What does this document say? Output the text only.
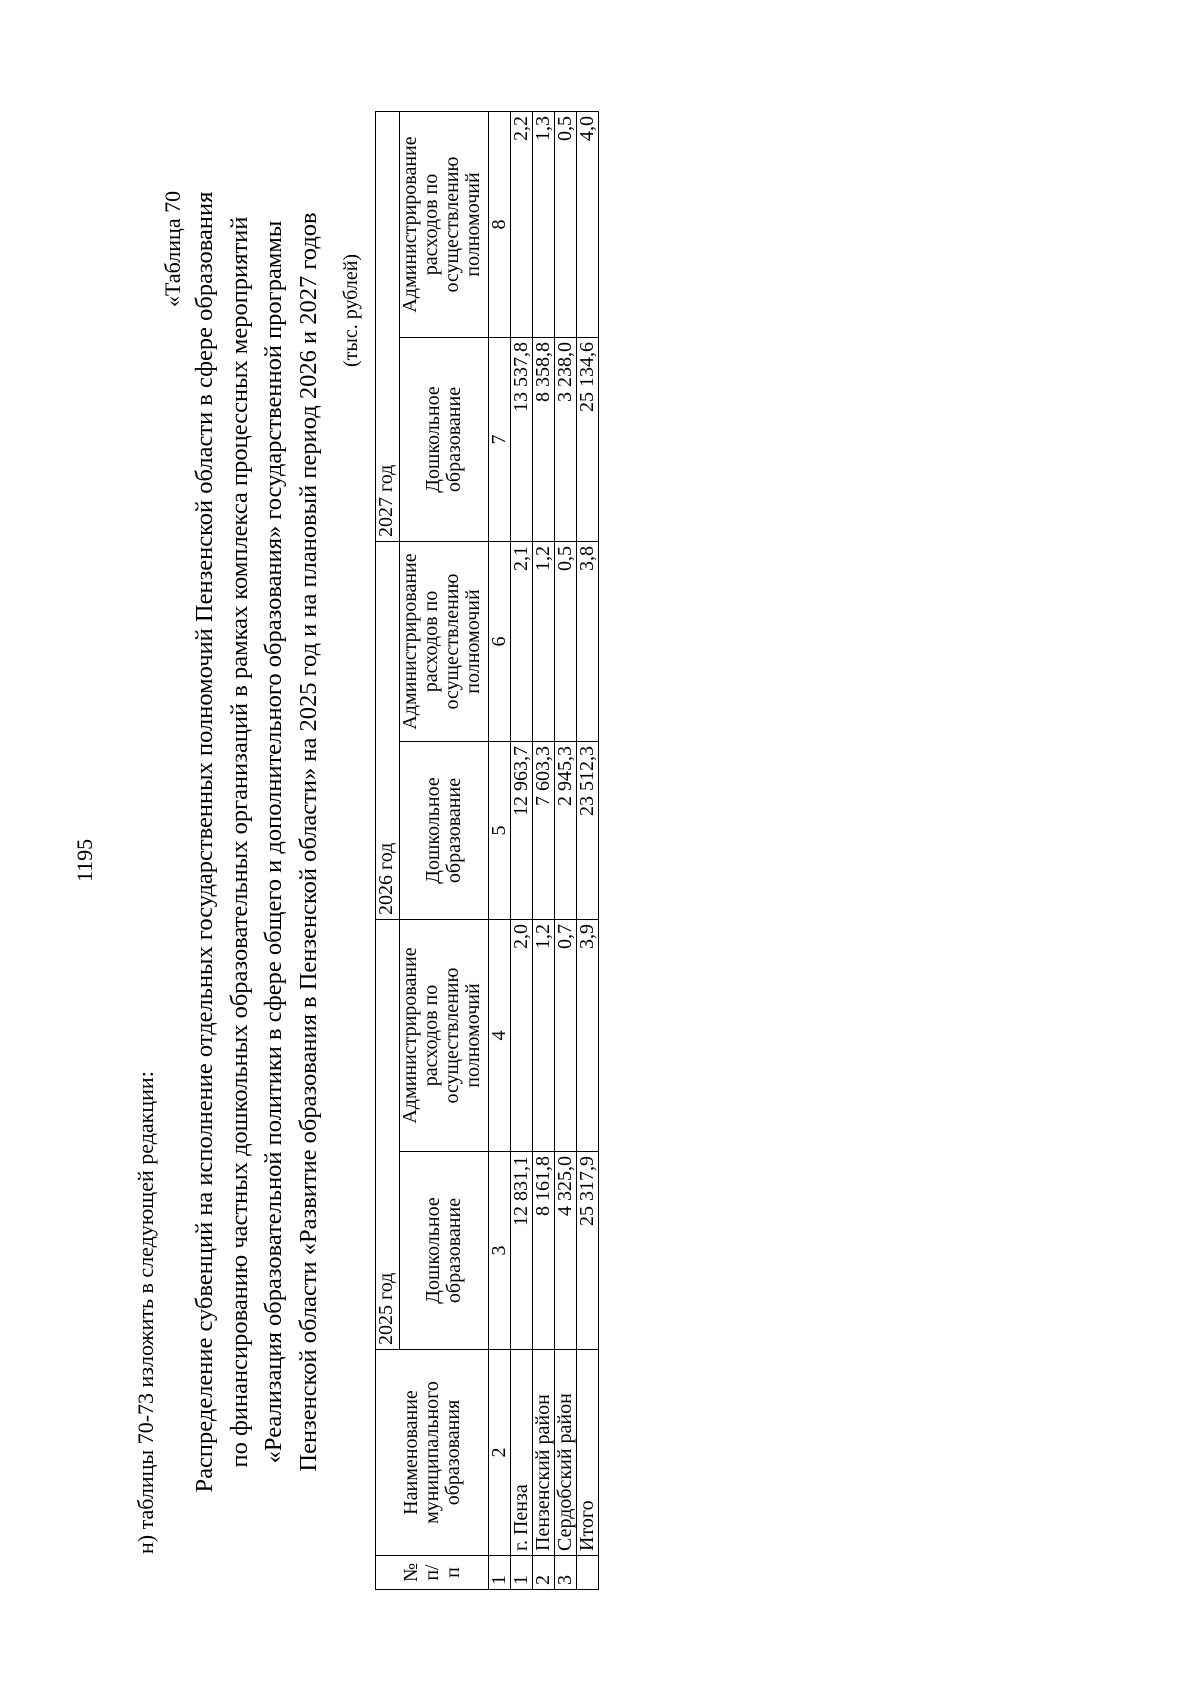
1195
н) таблицы 70-73 изложить в следующей редакции:
«Таблица 70 Распределение субвенций на исполнение отдельных государственных полномочий Пензенской области в сфере образования по финансированию частных дошкольных образовательных организаций в рамках комплекса процессных мероприятий «Реализация образовательной политики в сфере общего и дополнительного образования» государственной программы Пензенской области «Развитие образования в Пензенской области» на 2025 год и на плановый период 2026 и 2027 годов (тыс. рублей)
№ п/п	Наименование муниципального образования	2025 год		2026 год		2027 год	
		Дошкольное образование	Администрирование расходов по осуществлению полномочий	Дошкольное образование	Администрирование расходов по осуществлению полномочий	Дошкольное образование	Администрирование расходов по осуществлению полномочий
1	2	3	4	5	6	7	8
1	г. Пенза	12 831,1	2,0	12 963,7	2,1	13 537,8	2,2
2	Пензенский район	8 161,8	1,2	7 603,3	1,2	8 358,8	1,3
3	Сердобский район	4 325,0	0,7	2 945,3	0,5	3 238,0	0,5
	Итого	25 317,9	3,9	23 512,3	3,8	25 134,6	4,0
